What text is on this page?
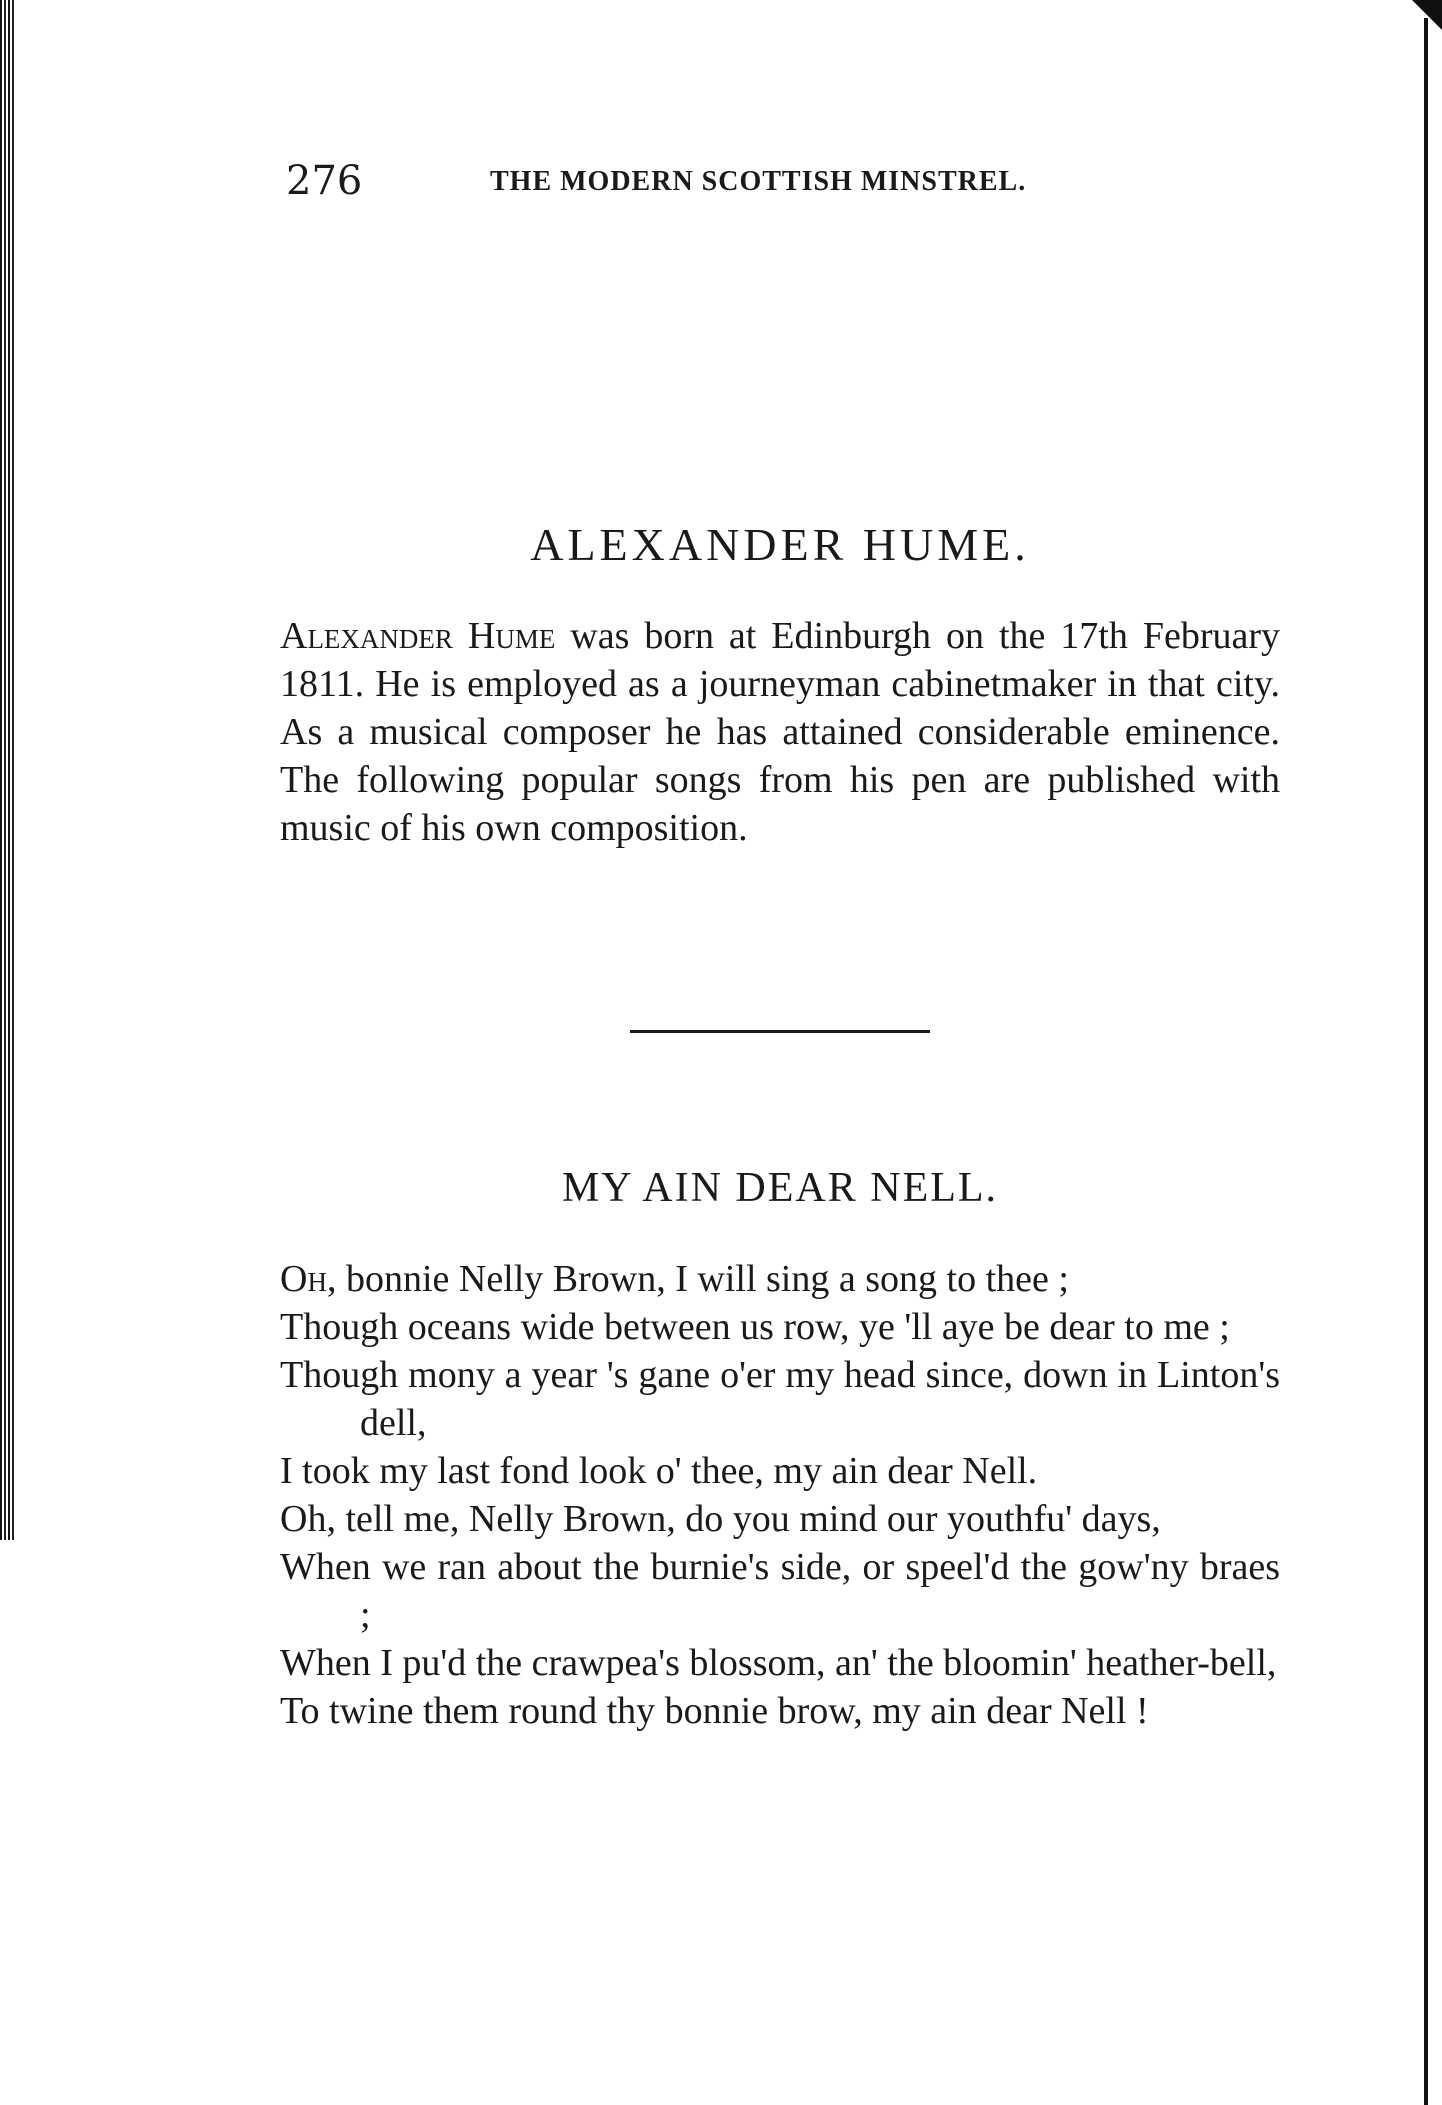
276	THE MODERN SCOTTISH MINSTREL.
ALEXANDER HUME.

Alexander Hume was born at Edinburgh on the 17th February 1811. He is employed as a journeyman cabinetmaker in that city. As a musical composer he has attained considerable eminence. The following popular songs from his pen are published with music of his own composition.

MY AIN DEAR NELL.

Oh, bonnie Nelly Brown, I will sing a song to thee ;

Though oceans wide between us row, ye 'll aye be dear to me ;

Though mony a year 's gane o'er my head since, down in Linton's dell,

I took my last fond look o' thee, my ain dear Nell.

Oh, tell me, Nelly Brown, do you mind our youthfu' days,

When we ran about the burnie's side, or speel'd the gow'ny braes ;

When I pu'd the crawpea's blossom, an' the bloomin' heather-bell,

To twine them round thy bonnie brow, my ain dear Nell !
